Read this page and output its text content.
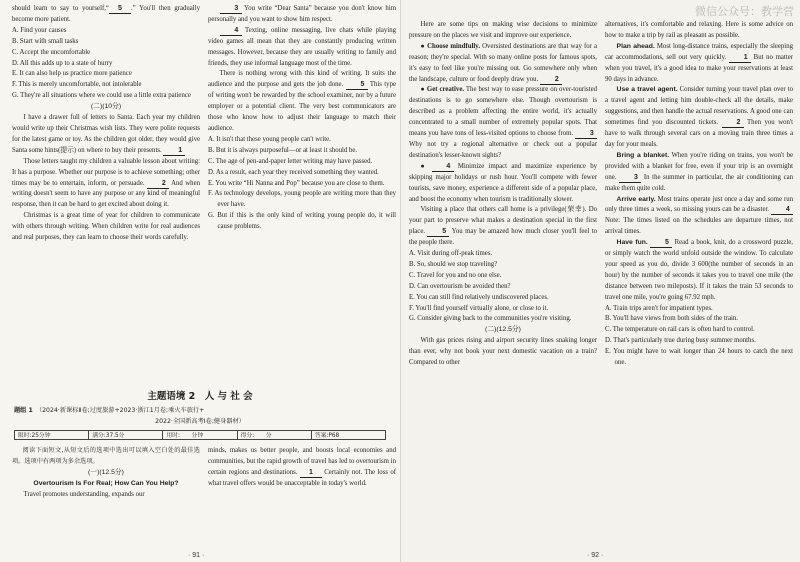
should learn to say to yourself,“ 5 .” You'll then gradually become more patient.

A. Find your causes

B. Start with small tasks

C. Accept the uncomfortable

D. All this adds up to a state of hurry

E. It can also help us practice more patience

F. This is merely uncomfortable, not intolerable

G. They're all situations where we could use a little extra patience

(二)(10分)

I have a drawer full of letters to Santa. Each year my children would write up their Christmas wish lists. They were polite requests for the latest game or toy. As the children got older, they would give Santa some hints(提示) on where to buy their presents. 1

Those letters taught my children a valuable lesson about writing: It has a purpose. Whether our purpose is to achieve something; other times may be to entertain, inform, or persuade. 2 And when writing doesn't seem to have any purpose or any kind of meaningful response, then it can be hard to get excited about doing it.

Christmas is a great time of year for children to communicate with others through writing. When children write for real audiences and real purposes, they can learn to choose their words carefully.

3 You write “Dear Santa” because you don't know him personally and you want to show him respect.

4 Texting, online messaging, live chats while playing video games all mean that they are constantly producing written messages. However, because they are usually writing to family and friends, they use informal language most of the time.

There is nothing wrong with this kind of writing. It suits the audience and the purpose and gets the job done. 5 This type of writing won't be rewarded by the school examiner, nor by a future employer or a potential client. The very best communicators are those who know how to adjust their language to match their audience.

A. It isn't that these young people can't write.

B. But it is always purposeful—or at least it should be.

C. The age of pen-and-paper letter writing may have passed.

D. As a result, each year they received something they wanted.

E. You write “Hi Nanna and Pop” because you are close to them.

F. As technology develops, young people are writing more than they ever have.

G. But if this is the only kind of writing young people do, it will cause problems.

主题语境 2　人 与 社 会
题组 1　 （2024·新课标Ⅱ卷;过度旅游+2023·浙江1月卷;乘火车旅行+
2022·全国新高考Ⅰ卷;健身器材）
限时:25分钟	满分:37.5分	用时:　　分钟	得分:　　分	答案:P68

阅读下面短文,从短文后的选项中选出可以填入空白处的最佳选项。选项中有两项为多余选项。

(一)(12.5分)

Overtourism Is For Real; How Can You Help?

Travel promotes understanding, expands our

minds, makes us better people, and boosts local economies and communities, but the rapid growth of travel has led to overtourism in certain regions and destinations. 1 Certainly not. The loss of what travel offers would be unacceptable in today's world.

· 91 ·
微信公众号：教学营

Here are some tips on making wise decisions to minimize pressure on the places we visit and improve our experience.

● Choose mindfully. Oversisted destinations are that way for a reason; they're special. With so many online posts for famous spots, it's easy to feel like you're missing out. Go somewhere only when the landscape, culture or food deeply draw you. 2

● Get creative. The best way to ease pressure on over-touristed destinations is to go somewhere else. Though overtourism is described as a problem affecting the entire world, it's actually concentrated to a small number of extremely popular spots. That means you have tons of less-visited options to choose from. 3 Why not try a regional alternative or check out a popular destination's lesser-known sights?

●	4 Minimize impact and maximize experience by skipping major holidays or rush hour. You'll compete with fewer tourists, save money, experience a different side of a popular place, and boost the economy when tourism is traditionally slower.

Visiting a place that others call home is a privilege(荣幸). Do your part to preserve what makes a destination special in the first place. 5 You may be amazed how much closer you'll feel to the people there.

A. Visit during off-peak times.

B. So, should we stop traveling?

C. Travel for you and no one else.

D. Can overtourism be avoided then?

E. You can still find relatively undiscovered places.

F. You'll find yourself virtually alone, or close to it.

G. Consider giving back to the communities you're visiting.

(二)(12.5分)

With gas prices rising and airport security lines snaking longer than ever, why not book your next domestic vacation on a train? Compared to other

alternatives, it's comfortable and relaxing. Here is some advice on how to make a trip by rail as pleasant as possible.

Plan ahead. Most long-distance trains, especially the sleeping car accommodations, sell out very quickly.	1 But no matter when you travel, it's a good idea to make your reservations at least 90 days in advance.

Use a travel agent. Consider turning your travel plan over to a travel agent and letting him double-check all the details, make suggestions, and then handle the actual reservations. A good one can sometimes find you discounted tickets.	2 Then you won't have to walk through several cars on a moving train three times a day for your meals.

Bring a blanket. When you're riding on trains, you won't be provided with a blanket for free, even if your trip is an overnight one. 3 In the summer in particular, the air conditioning can make them quite cold.

Arrive early. Most trains operate just once a day and some run only three times a week, so missing yours can be a disaster. 4 Note: The times listed on the schedules are departure times, not arrival times.

Have fun. 5 Read a book, knit, do a crossword puzzle, or simply watch the world unfold outside the window. To calculate your speed as you do, divide 3 600(the number of seconds in an hour) by the number of seconds it takes you to travel one mile (the distance between two mileposts). If it takes the train 53 seconds to travel one mile, you're going 67.92 mph.

A. Train trips aren't for impatient types.

B. You'll have views from both sides of the train.

C. The temperature on rail cars is often hard to control.

D. That's particularly true during busy summer months.

E. You might have to wait longer than 24 hours to catch the next one.

· 92 ·
